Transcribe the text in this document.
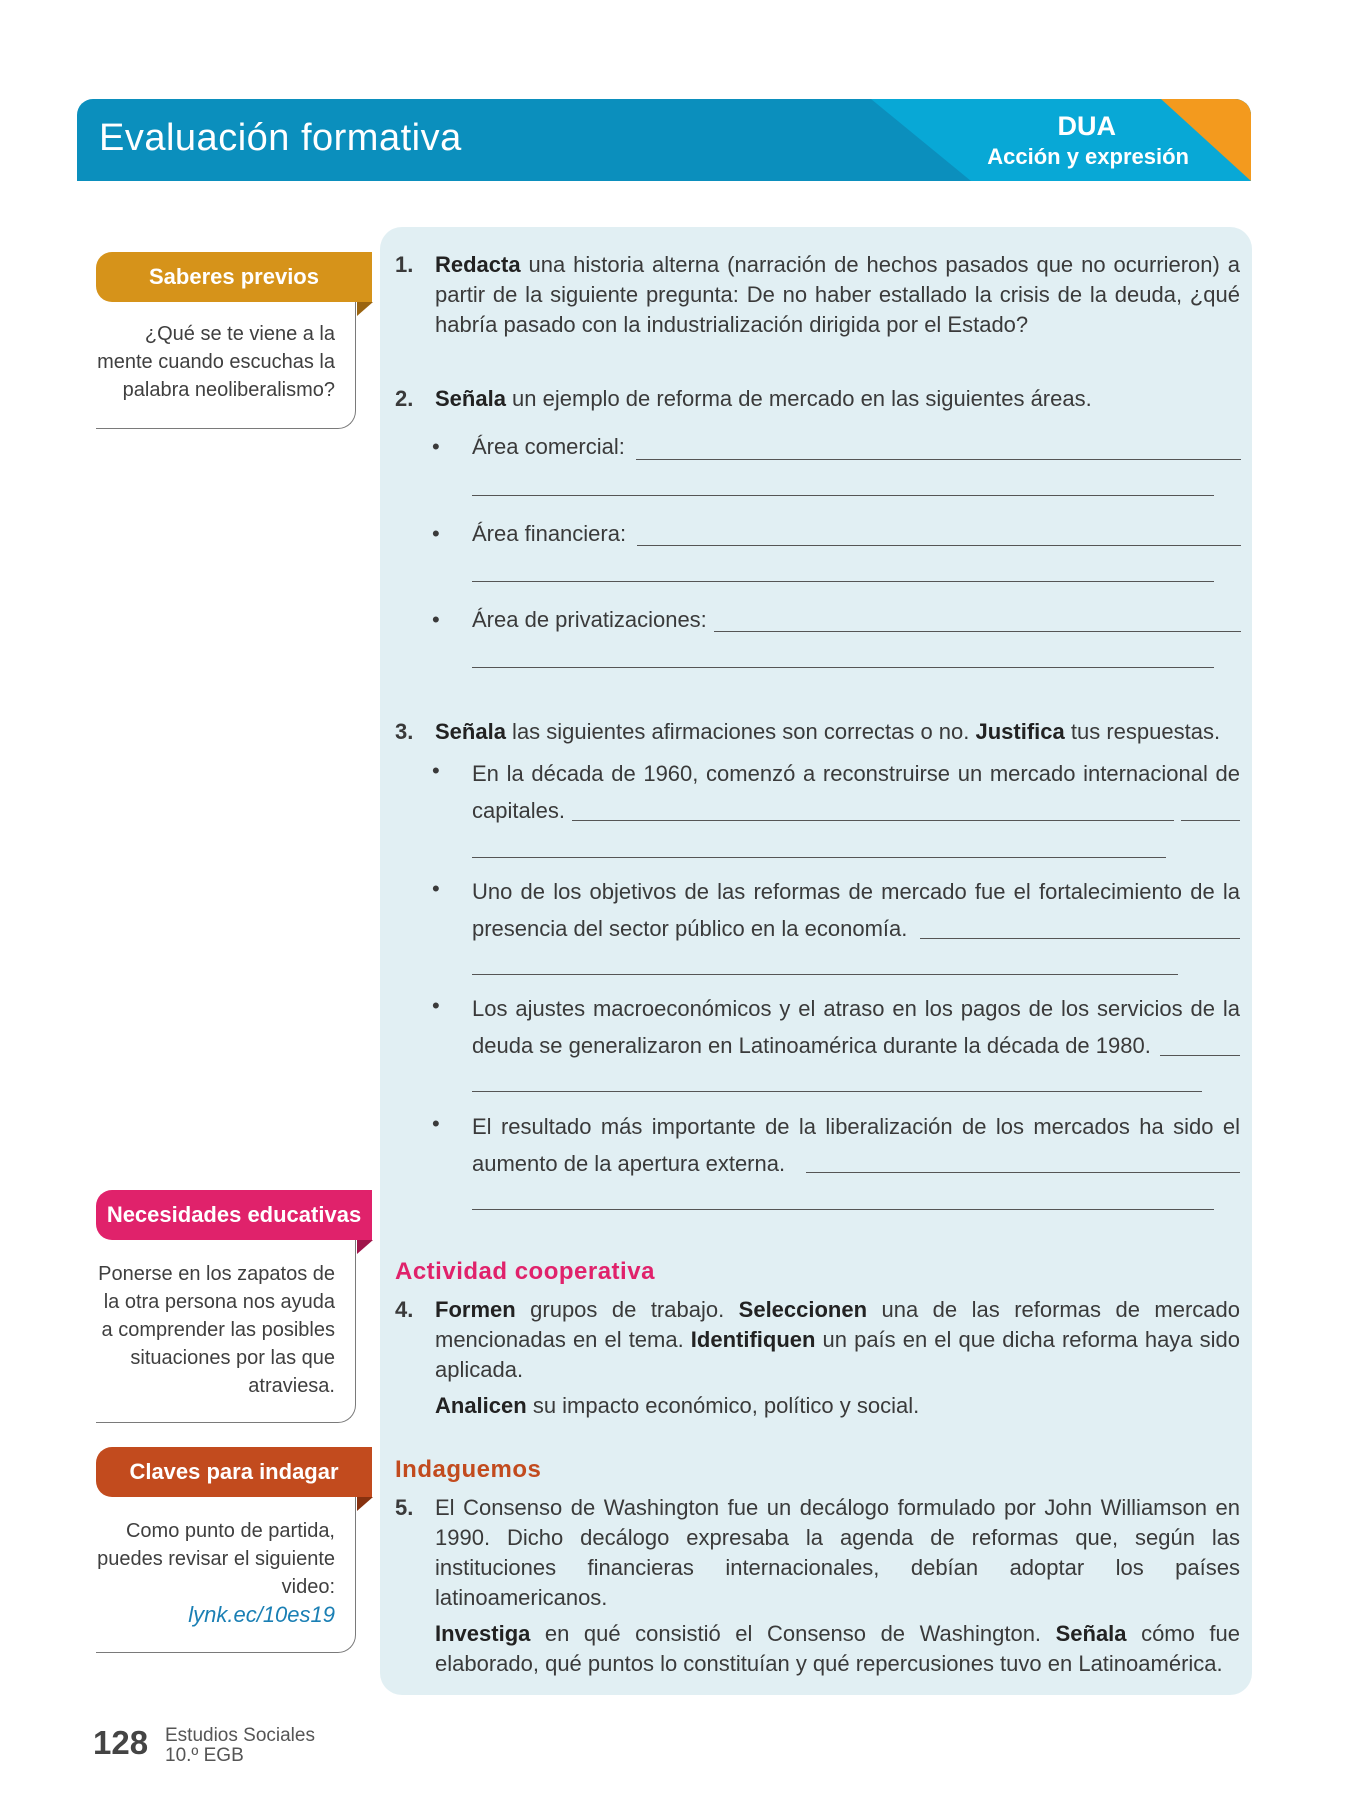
Evaluación formativa	DUA
Acción y expresión
Saberes previos
¿Qué se te viene a la mente cuando escuchas la palabra neoliberalismo?
Necesidades educativas
Ponerse en los zapatos de la otra persona nos ayuda a comprender las posibles situaciones por las que atraviesa.
Claves para indagar
Como punto de partida, puedes revisar el siguiente video:
lynk.ec/10es19
1. Redacta una historia alterna (narración de hechos pasados que no ocurrieron) a partir de la siguiente pregunta: De no haber estallado la crisis de la deuda, ¿qué habría pasado con la industrialización dirigida por el Estado?
2. Señala un ejemplo de reforma de mercado en las siguientes áreas.
• Área comercial:
• Área financiera:
• Área de privatizaciones:
3. Señala las siguientes afirmaciones son correctas o no. Justifica tus respuestas.
• En la década de 1960, comenzó a reconstruirse un mercado internacional de capitales.
• Uno de los objetivos de las reformas de mercado fue el fortalecimiento de la presencia del sector público en la economía.
• Los ajustes macroeconómicos y el atraso en los pagos de los servicios de la deuda se generalizaron en Latinoamérica durante la década de 1980.
• El resultado más importante de la liberalización de los mercados ha sido el aumento de la apertura externa.
Actividad cooperativa
4. Formen grupos de trabajo. Seleccionen una de las reformas de mercado mencionadas en el tema. Identifiquen un país en el que dicha reforma haya sido aplicada.
Analicen su impacto económico, político y social.
Indaguemos
5. El Consenso de Washington fue un decálogo formulado por John Williamson en 1990. Dicho decálogo expresaba la agenda de reformas que, según las instituciones financieras internacionales, debían adoptar los países latinoamericanos.
Investiga en qué consistió el Consenso de Washington. Señala cómo fue elaborado, qué puntos lo constituían y qué repercusiones tuvo en Latinoamérica.
128 Estudios Sociales
10.º EGB
